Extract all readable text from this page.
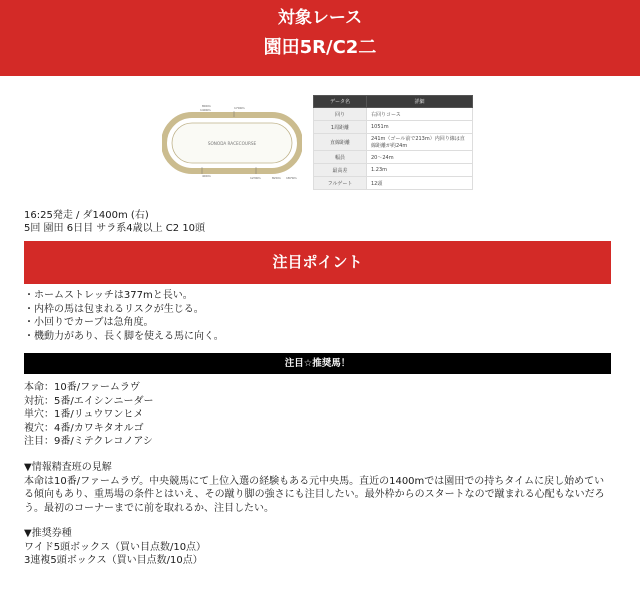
対象レース
園田5R/C2二
SONODA RACECOURSE
1400m
800m	1700m
400m	1230m	820m 1870m
データ名	詳細
回り	右回りコース
1周距離	1051m
直線距離	241m（ゴール前で213m）内回り線は直線距離が約24m
幅員	20〜24m
最高差	1.23m
フルゲート	12頭
16:25発走 / ダ1400m (右)
5回 園田 6日目 サラ系4歳以上 C2 10頭
注目ポイント
・ホームストレッチは377mと長い。
・内枠の馬は包まれるリスクが生じる。
・小回りでカーブは急角度。
・機動力があり、長く脚を使える馬に向く。
注目☆推奨馬！
本命：10番/ファームラヴ
対抗：5番/エイシンニーダー
単穴：1番/リュウワンヒメ
複穴：4番/カワキタオルゴ
注目：9番/ミテクレコノアシ

▼情報精査班の見解

本命は10番/ファームラヴ。中央競馬にて上位入選の経験もある元中央馬。直近の1400mでは園田での持ちタイムに戻し始めている傾向もあり、重馬場の条件とはいえ、その蹴り脚の強さにも注目したい。最外枠からのスタートなので蹴まれる心配もないだろう。最初のコーナーまでに前を取れるか、注目したい。

▼推奨券種
ワイド5頭ボックス（買い目点数/10点）
3連複5頭ボックス（買い目点数/10点）
